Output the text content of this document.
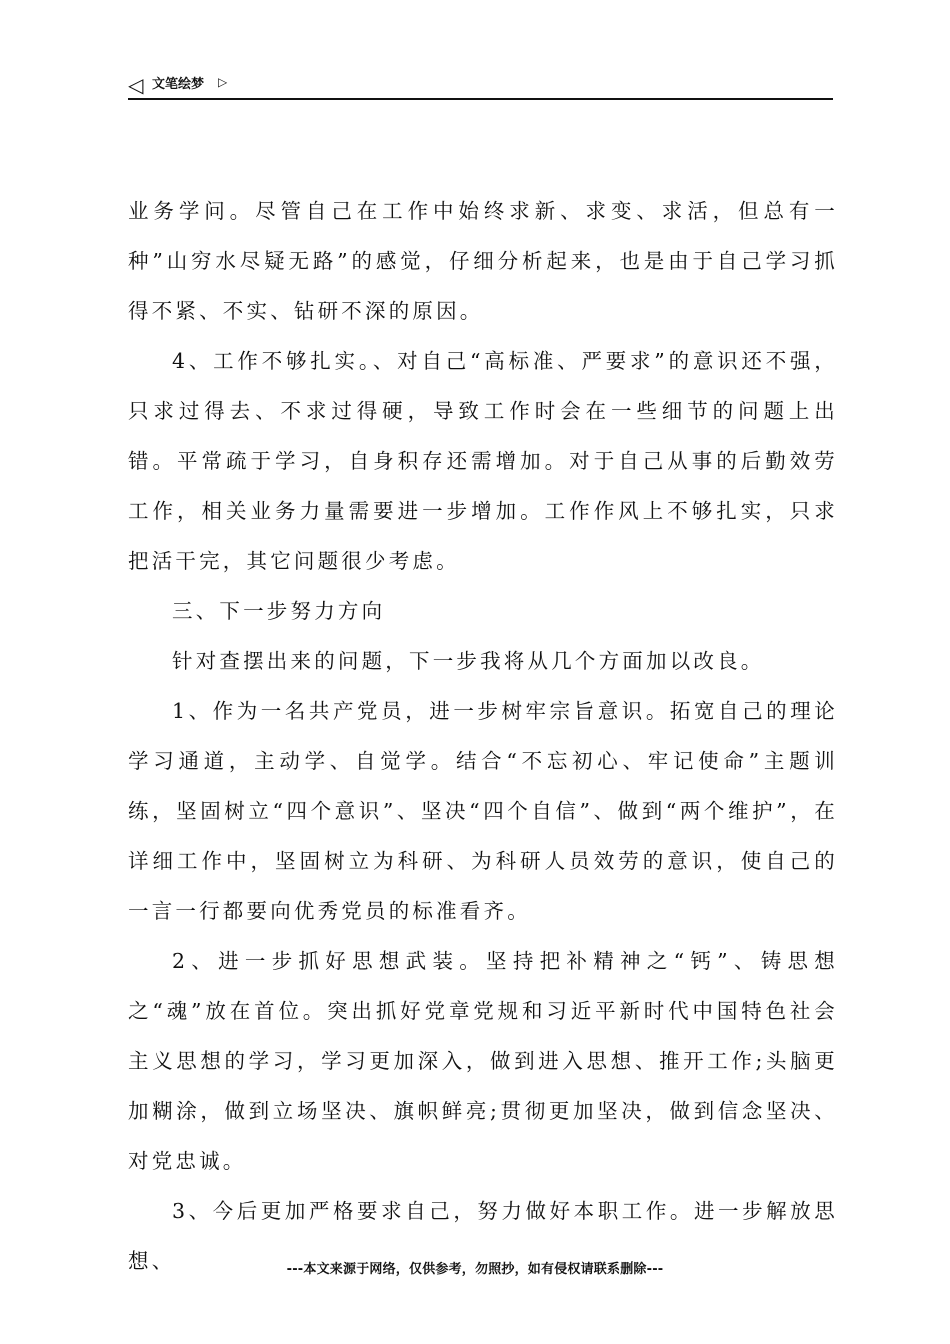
◁ 文笔绘梦 ▷

业务学问。尽管自己在工作中始终求新、求变、求活，但总有一种”山穷水尽疑无路”的感觉，仔细分析起来，也是由于自己学习抓得不紧、不实、钻研不深的原因。

4、工作不够扎实。、对自己“高标准、严要求”的意识还不强，只求过得去、不求过得硬，导致工作时会在一些细节的问题上出错。平常疏于学习，自身积存还需增加。对于自己从事的后勤效劳工作，相关业务力量需要进一步增加。工作作风上不够扎实，只求把活干完，其它问题很少考虑。

三、下一步努力方向

针对查摆出来的问题，下一步我将从几个方面加以改良。

1、作为一名共产党员，进一步树牢宗旨意识。拓宽自己的理论学习通道，主动学、自觉学。结合“不忘初心、牢记使命”主题训练，坚固树立“四个意识”、坚决“四个自信”、做到“两个维护”，在详细工作中，坚固树立为科研、为科研人员效劳的意识，使自己的一言一行都要向优秀党员的标准看齐。

2、进一步抓好思想武装。坚持把补精神之“钙”、铸思想之“魂”放在首位。突出抓好党章党规和习近平新时代中国特色社会主义思想的学习，学习更加深入，做到进入思想、推开工作;头脑更加糊涂，做到立场坚决、旗帜鲜亮;贯彻更加坚决，做到信念坚决、对党忠诚。

3、今后更加严格要求自己，努力做好本职工作。进一步解放思想、	---本文来源于网络，仅供参考，勿照抄，如有侵权请联系删除---
